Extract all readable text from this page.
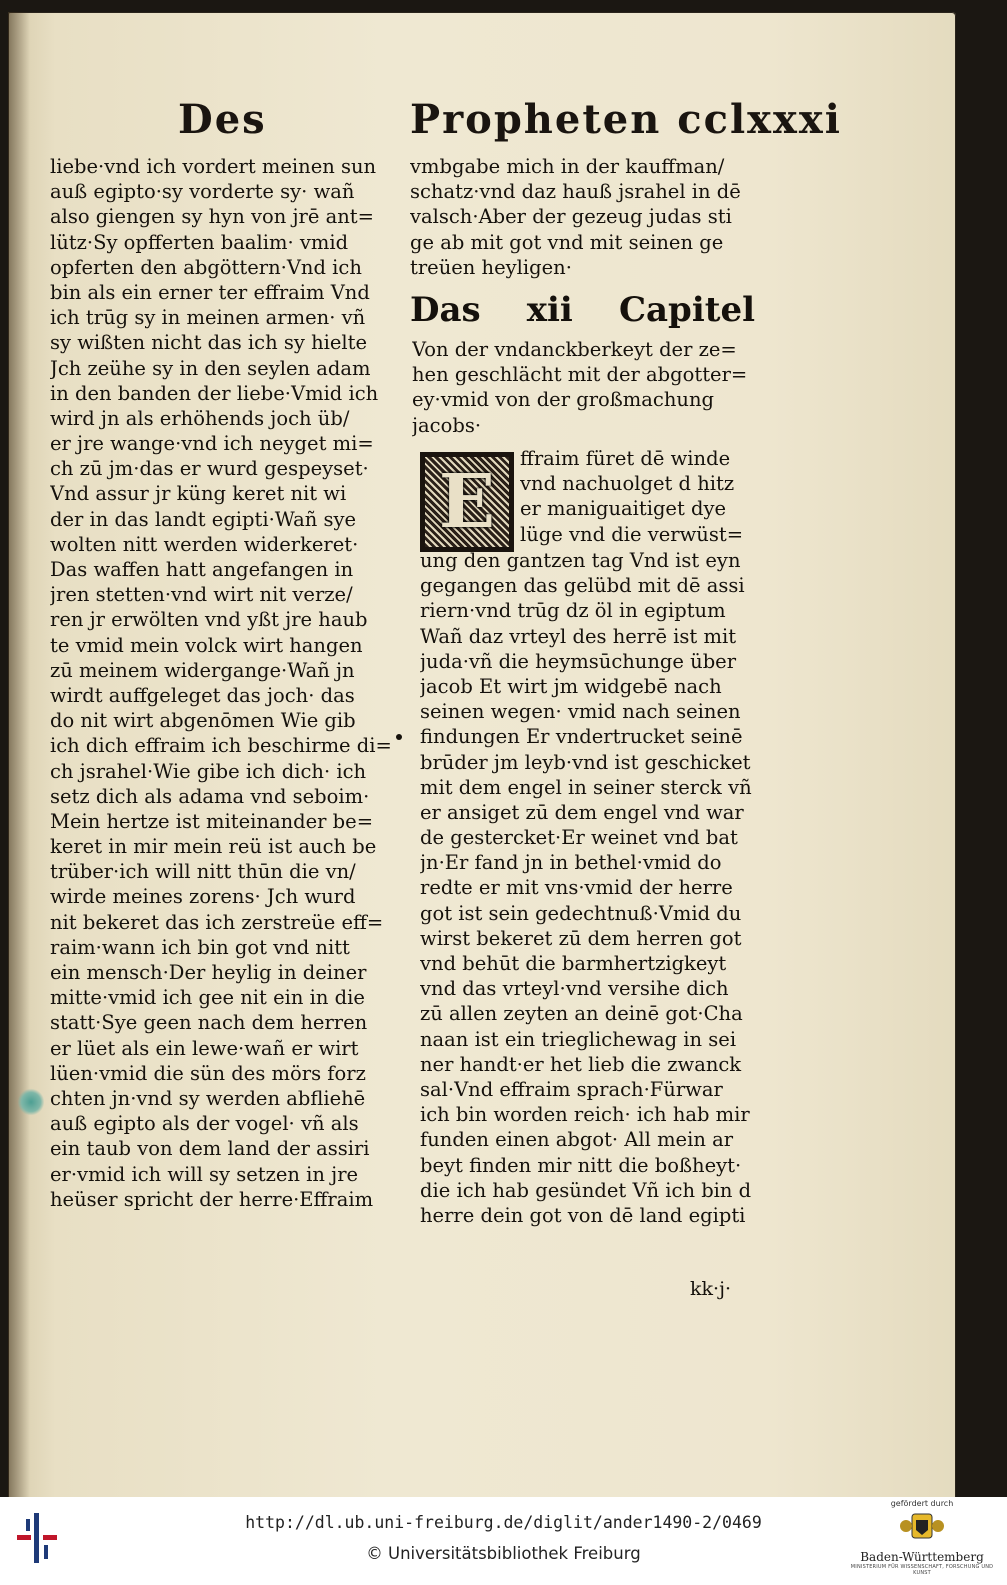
Des	Propheten cclxxxi
liebe·vnd ich vordert meinen sun
auß egipto·sy vorderte sy· wañ
also giengen sy hyn von jrē ant=
lütz·Sy opfferten baalim· vmid
opferten den abgöttern·Vnd ich
bin als ein erner ter effraim Vnd
ich trūg sy in meinen armen· vñ
sy wißten nicht das ich sy hielte
Jch zeühe sy in den seylen adam
in den banden der liebe·Vmid ich
wird jn als erhöhends joch üb/
er jre wange·vnd ich neyget mi=
ch zū jm·das er wurd gespeyset·
Vnd assur jr küng keret nit wi
der in das landt egipti·Wañ sye
wolten nitt werden widerkeret·
Das waffen hatt angefangen in
jren stetten·vnd wirt nit verze/
ren jr erwölten vnd yßt jre haub
te vmid mein volck wirt hangen
zū meinem widergange·Wañ jn
wirdt auffgeleget das joch· das
do nit wirt abgenōmen Wie gib
ich dich effraim ich beschirme di=
ch jsrahel·Wie gibe ich dich· ich
setz dich als adama vnd seboim·
Mein hertze ist miteinander be=
keret in mir mein reü ist auch be
trüber·ich will nitt thūn die vn/
wirde meines zorens· Jch wurd
nit bekeret das ich zerstreüe eff=
raim·wann ich bin got vnd nitt
ein mensch·Der heylig in deiner
mitte·vmid ich gee nit ein in die
statt·Sye geen nach dem herren
er lüet als ein lewe·wañ er wirt
lüen·vmid die sün des mörs forz
chten jn·vnd sy werden abfliehē
auß egipto als der vogel· vñ als
ein taub von dem land der assiri
er·vmid ich will sy setzen in jre
heüser spricht der herre·Effraim
vmbgabe mich in der kauffman/
schatz·vnd daz hauß jsrahel in dē
valsch·Aber der gezeug judas sti
ge ab mit got vnd mit seinen ge
treüen heyligen·
Das xii Capitel
Von der vndanckberkeyt der ze=
hen geschlächt mit der abgotter=
ey·vmid von der großmachung
jacobs·
E
ffraim füret dē winde
vnd nachuolget d hitz
er maniguaitiget dye
lüge vnd die verwüst=
ung den gantzen tag Vnd ist eyn
gegangen das gelübd mit dē assi
riern·vnd trūg dz öl in egiptum
Wañ daz vrteyl des herrē ist mit
juda·vñ die heymsūchunge über
jacob Et wirt jm widgebē nach
seinen wegen· vmid nach seinen
findungen Er vndertrucket seinē
brūder jm leyb·vnd ist geschicket
mit dem engel in seiner sterck vñ
er ansiget zū dem engel vnd war
de gestercket·Er weinet vnd bat
jn·Er fand jn in bethel·vmid do
redte er mit vns·vmid der herre
got ist sein gedechtnuß·Vmid du
wirst bekeret zū dem herren got
vnd behūt die barmhertzigkeyt
vnd das vrteyl·vnd versihe dich
zū allen zeyten an deinē got·Cha
naan ist ein trieglichewag in sei
ner handt·er het lieb die zwanck
sal·Vnd effraim sprach·Fürwar
ich bin worden reich· ich hab mir
funden einen abgot· All mein ar
beyt finden mir nitt die boßheyt·
die ich hab gesündet Vñ ich bin d
herre dein got von dē land egipti
kk·j·
http://dl.ub.uni-freiburg.de/diglit/ander1490-2/0469
© Universitätsbibliothek Freiburg
gefördert durch
Baden-Württemberg
MINISTERIUM FÜR WISSENSCHAFT, FORSCHUNG UND KUNST
